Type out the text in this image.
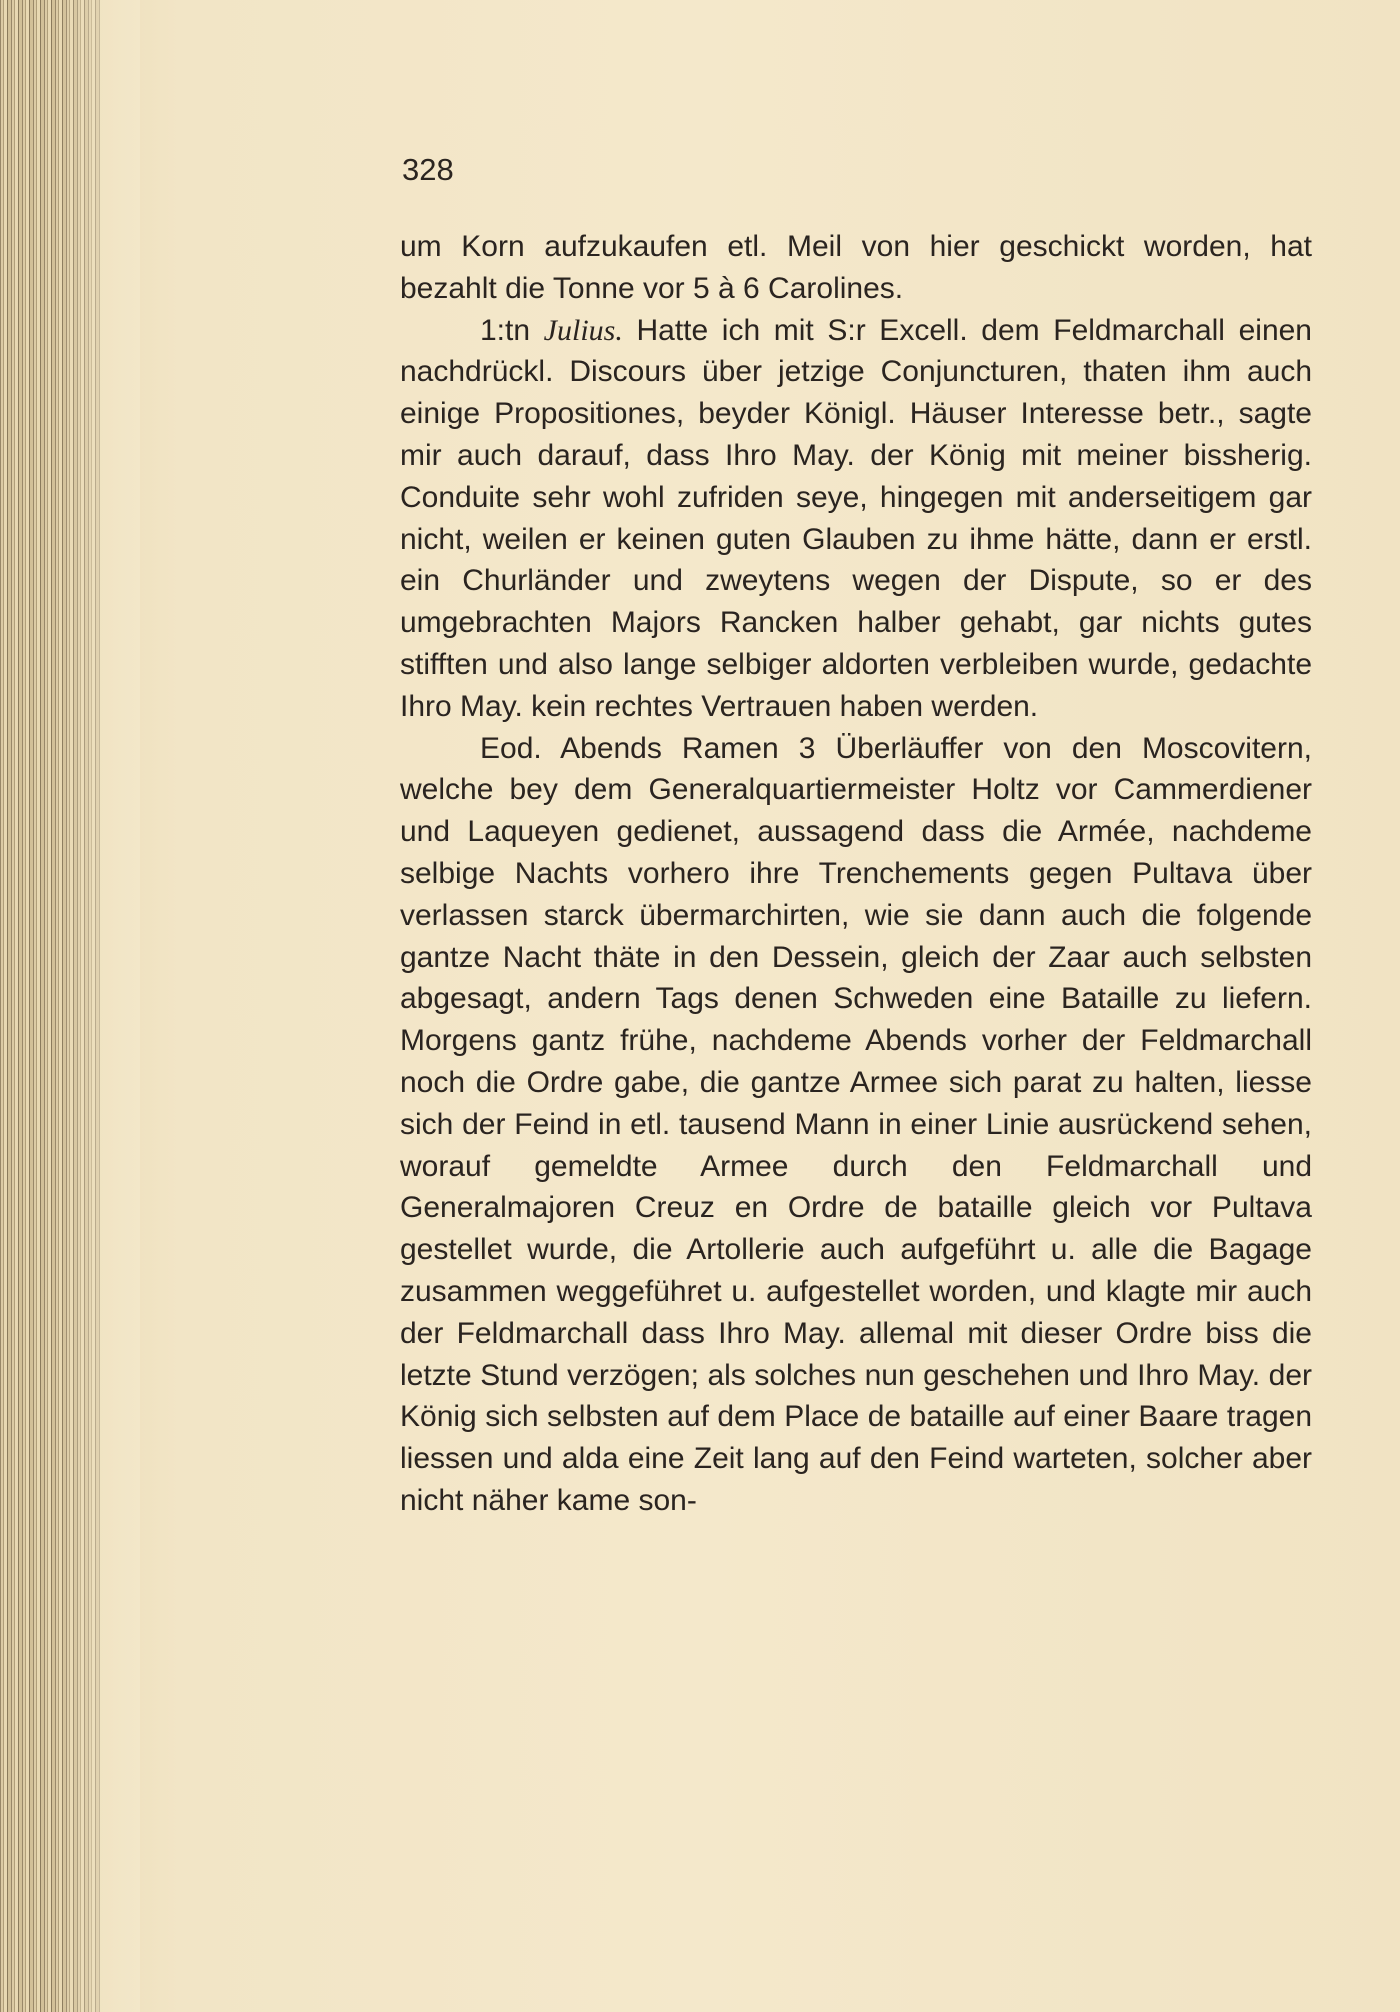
328

um Korn aufzukaufen etl. Meil von hier geschickt worden, hat bezahlt die Tonne vor 5 à 6 Carolines.

1:tn Julius. Hatte ich mit S:r Excell. dem Feldmarchall einen nachdrückl. Discours über jetzige Conjuncturen, thaten ihm auch einige Propositiones, beyder Königl. Häuser Interesse betr., sagte mir auch darauf, dass Ihro May. der König mit meiner bissherig. Conduite sehr wohl zufriden seye, hingegen mit anderseitigem gar nicht, weilen er keinen guten Glauben zu ihme hätte, dann er erstl. ein Churländer und zweytens wegen der Dispute, so er des umgebrachten Majors Rancken halber gehabt, gar nichts gutes stifften und also lange selbiger aldorten verbleiben wurde, gedachte Ihro May. kein rechtes Vertrauen haben werden.

Eod. Abends Ramen 3 Überläuffer von den Moscovitern, welche bey dem Generalquartiermeister Holtz vor Cammerdiener und Laqueyen gedienet, aussagend dass die Armée, nachdeme selbige Nachts vorhero ihre Trenchements gegen Pultava über verlassen starck übermarchirten, wie sie dann auch die folgende gantze Nacht thäte in den Dessein, gleich der Zaar auch selbsten abgesagt, andern Tags denen Schweden eine Bataille zu liefern. Morgens gantz frühe, nachdeme Abends vorher der Feldmarchall noch die Ordre gabe, die gantze Armee sich parat zu halten, liesse sich der Feind in etl. tausend Mann in einer Linie ausrückend sehen, worauf gemeldte Armee durch den Feldmarchall und Generalmajoren Creuz en Ordre de bataille gleich vor Pultava gestellet wurde, die Artollerie auch aufgeführt u. alle die Bagage zusammen weggeführet u. aufgestellet worden, und klagte mir auch der Feldmarchall dass Ihro May. allemal mit dieser Ordre biss die letzte Stund verzögen; als solches nun geschehen und Ihro May. der König sich selbsten auf dem Place de bataille auf einer Baare tragen liessen und alda eine Zeit lang auf den Feind warteten, solcher aber nicht näher kame son-
